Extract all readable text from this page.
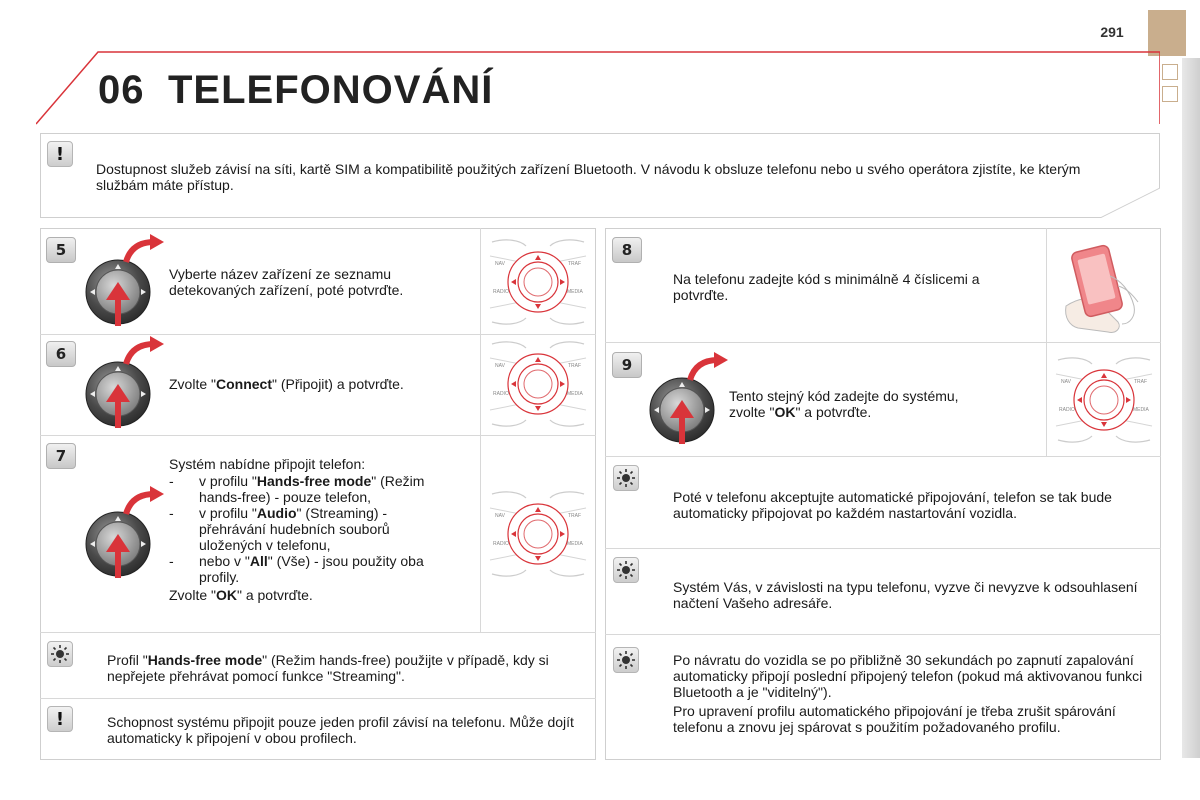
291
06 TELEFONOVÁNÍ
!
Dostupnost služeb závisí na síti, kartě SIM a kompatibilitě použitých zařízení Bluetooth. V návodu k obsluze telefonu nebo u svého operátora zjistíte, ke kterým službám máte přístup.
5
Vyberte název zařízení ze seznamu detekovaných zařízení, poté potvrďte.
6
Zvolte "Connect" (Připojit) a potvrďte.
7	Systém nabídne připojit telefon:
- v profilu "Hands-free mode" (Režim hands-free) - pouze telefon,
- v profilu "Audio" (Streaming) - přehrávání hudebních souborů uložených v telefonu,
- nebo v "All" (Vše) - jsou použity oba profily.
Zvolte "OK" a potvrďte.
Profil "Hands-free mode" (Režim hands-free) použijte v případě, kdy si nepřejete přehrávat pomocí funkce "Streaming".
!	Schopnost systému připojit pouze jeden profil závisí na telefonu. Může dojít automaticky k připojení v obou profilech.
8
Na telefonu zadejte kód s minimálně 4 číslicemi a potvrďte.
9
Tento stejný kód zadejte do systému,
zvolte "OK" a potvrďte.
Poté v telefonu akceptujte automatické připojování, telefon se tak bude automaticky připojovat po každém nastartování vozidla.
Systém Vás, v závislosti na typu telefonu, vyzve či nevyzve k odsouhlasení načtení Vašeho adresáře.
Po návratu do vozidla se po přibližně 30 sekundách po zapnutí zapalování automaticky připojí poslední připojený telefon (pokud má aktivovanou funkci Bluetooth a je "viditelný").
Pro upravení profilu automatického připojování je třeba zrušit spárování telefonu a znovu jej spárovat s použitím požadovaného profilu.
NAV	TRAF
RADIO	MEDIA
NAV	TRAF
RADIO	MEDIA
NAV	TRAF
RADIO	MEDIA
NAV	TRAF
RADIO	MEDIA
